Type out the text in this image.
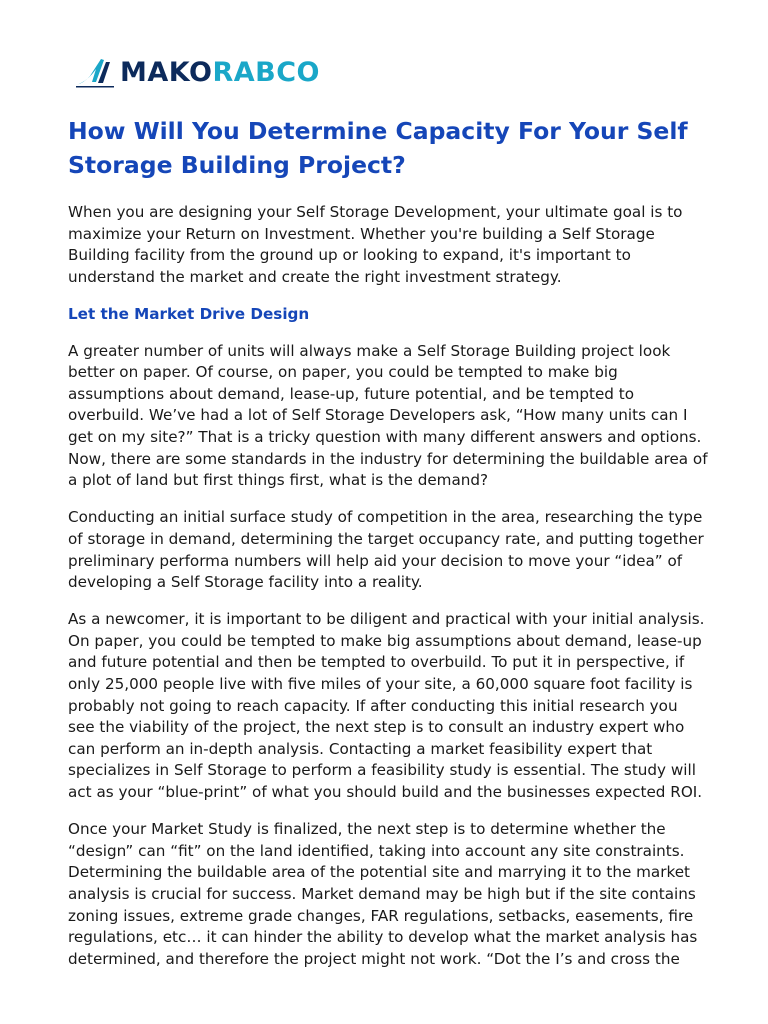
MAKORABCO
How Will You Determine Capacity For Your Self Storage Building Project?

When you are designing your Self Storage Development, your ultimate goal is to maximize your Return on Investment. Whether you're building a Self Storage Building facility from the ground up or looking to expand, it's important to understand the market and create the right investment strategy.

Let the Market Drive Design

A greater number of units will always make a Self Storage Building project look better on paper. Of course, on paper, you could be tempted to make big assumptions about demand, lease-up, future potential, and be tempted to overbuild. We’ve had a lot of Self Storage Developers ask, “How many units can I get on my site?” That is a tricky question with many different answers and options. Now, there are some standards in the industry for determining the buildable area of a plot of land but first things first, what is the demand?

Conducting an initial surface study of competition in the area, researching the type of storage in demand, determining the target occupancy rate, and putting together preliminary performa numbers will help aid your decision to move your “idea” of developing a Self Storage facility into a reality.

As a newcomer, it is important to be diligent and practical with your initial analysis. On paper, you could be tempted to make big assumptions about demand, lease-up and future potential and then be tempted to overbuild. To put it in perspective, if only 25,000 people live with five miles of your site, a 60,000 square foot facility is probably not going to reach capacity. If after conducting this initial research you see the viability of the project, the next step is to consult an industry expert who can perform an in-depth analysis. Contacting a market feasibility expert that specializes in Self Storage to perform a feasibility study is essential. The study will act as your “blue-print” of what you should build and the businesses expected ROI.

Once your Market Study is finalized, the next step is to determine whether the “design” can “fit” on the land identified, taking into account any site constraints. Determining the buildable area of the potential site and marrying it to the market analysis is crucial for success. Market demand may be high but if the site contains zoning issues, extreme grade changes, FAR regulations, setbacks, easements, fire regulations, etc… it can hinder the ability to develop what the market analysis has determined, and therefore the project might not work. “Dot the I’s and cross the
